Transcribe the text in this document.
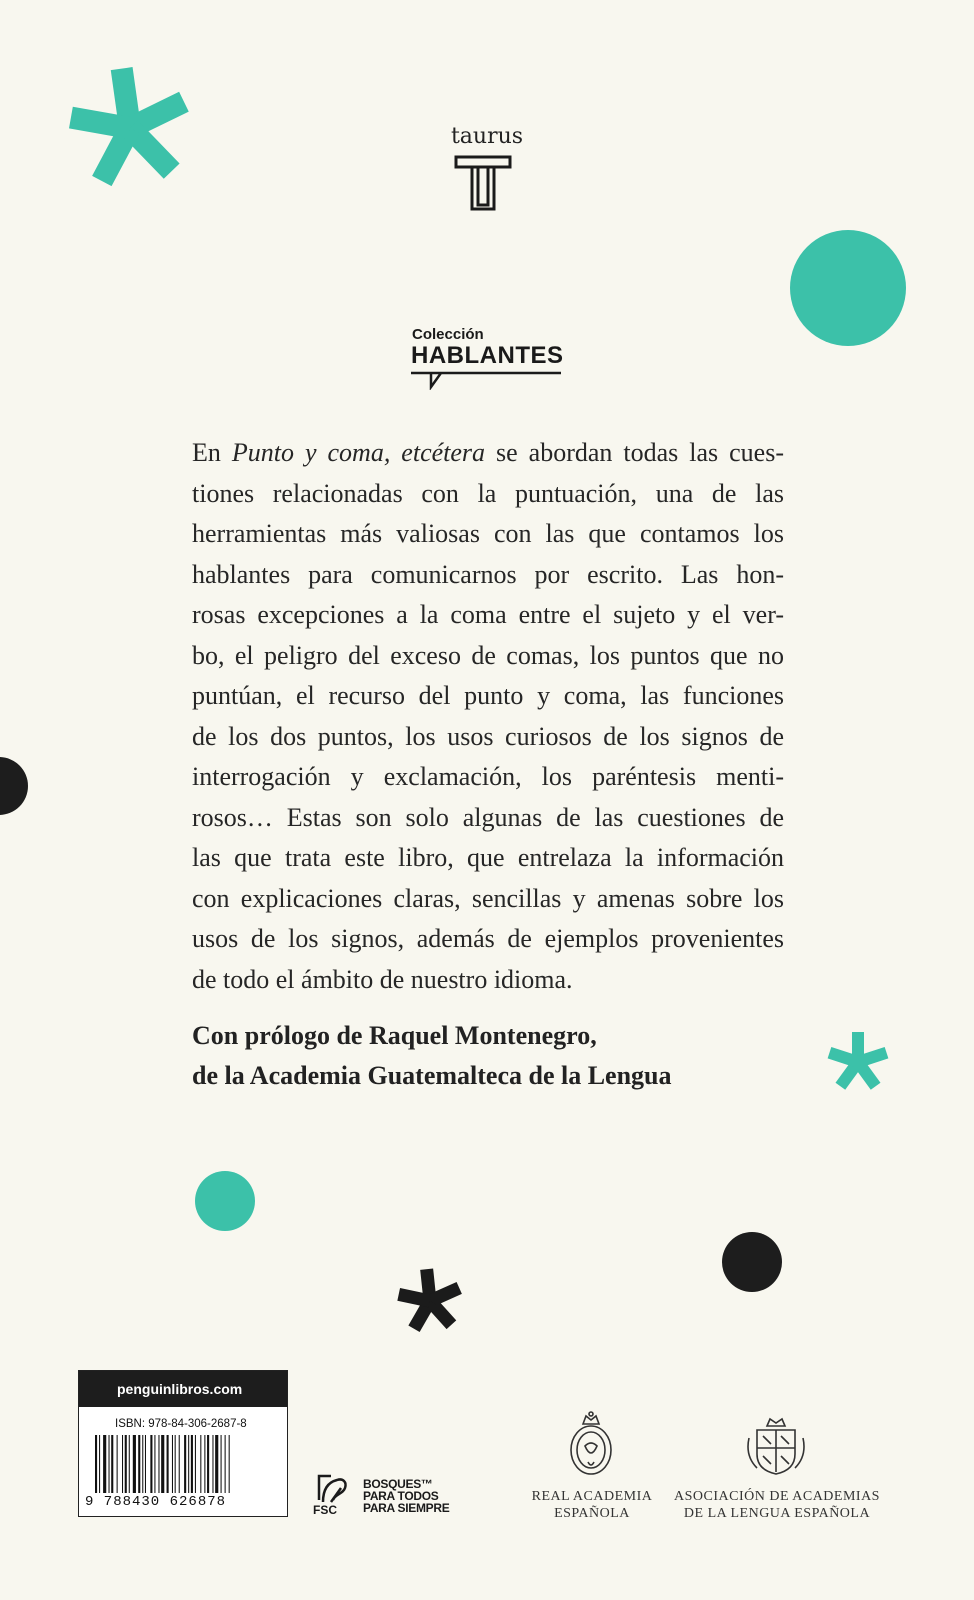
taurus
Colección
HABLANTES
En Punto y coma, etcétera se abordan todas las cues-
tiones relacionadas con la puntuación, una de las
herramientas más valiosas con las que contamos los
hablantes para comunicarnos por escrito. Las hon-
rosas excepciones a la coma entre el sujeto y el ver-
bo, el peligro del exceso de comas, los puntos que no
puntúan, el recurso del punto y coma, las funciones
de los dos puntos, los usos curiosos de los signos de
interrogación y exclamación, los paréntesis menti-
rosos… Estas son solo algunas de las cuestiones de
las que trata este libro, que entrelaza la información
con explicaciones claras, sencillas y amenas sobre los
usos de los signos, además de ejemplos provenientes
de todo el ámbito de nuestro idioma.
Con prólogo de Raquel Montenegro,
de la Academia Guatemalteca de la Lengua
penguinlibros.com
ISBN: 978-84-306-2687-8
9 788430 626878	FSC
BOSQUES™
PARA TODOS
PARA SIEMPRE
REAL ACADEMIA
ESPAÑOLA
ASOCIACIÓN DE ACADEMIAS
DE LA LENGUA ESPAÑOLA
